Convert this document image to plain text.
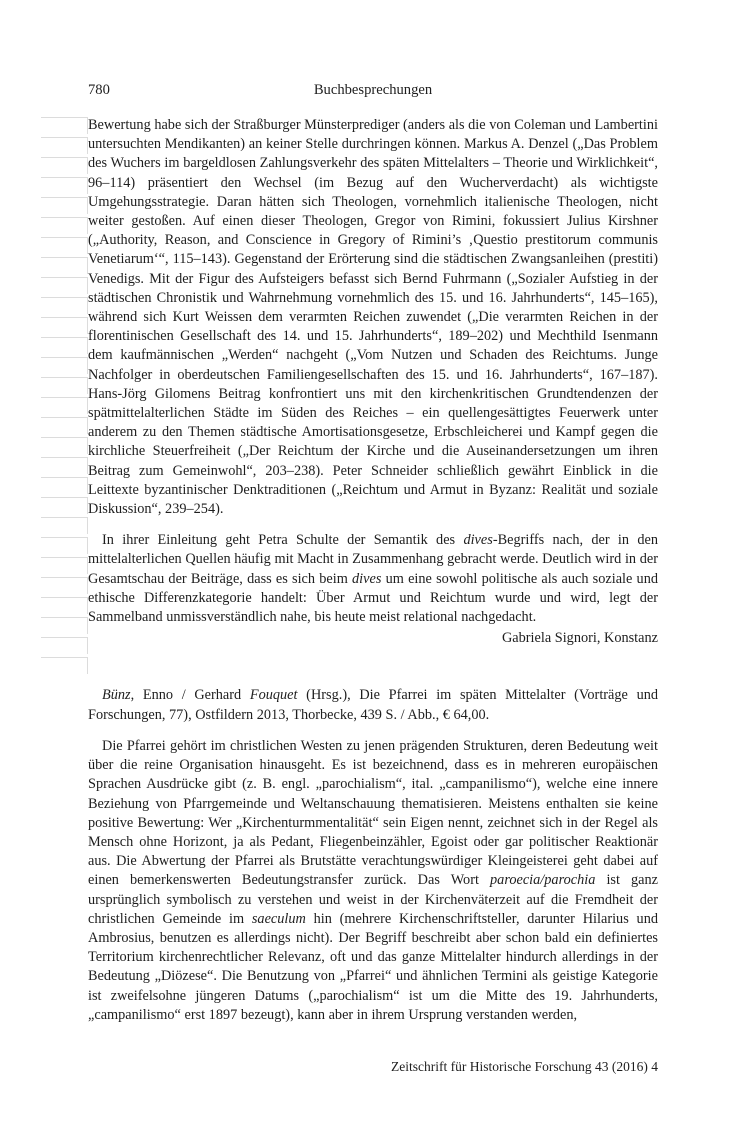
780	Buchbesprechungen

Bewertung habe sich der Straßburger Münsterprediger (anders als die von Coleman und Lambertini untersuchten Mendikanten) an keiner Stelle durchringen können. Markus A. Denzel („Das Problem des Wuchers im bargeldlosen Zahlungsverkehr des späten Mittelalters – Theorie und Wirklichkeit“, 96–114) präsentiert den Wechsel (im Bezug auf den Wucherverdacht) als wichtigste Umgehungsstrategie. Daran hätten sich Theologen, vornehmlich italienische Theologen, nicht weiter gestoßen. Auf einen dieser Theologen, Gregor von Rimini, fokussiert Julius Kirshner („Authority, Reason, and Conscience in Gregory of Rimini’s ‚Questio prestitorum communis Venetiarum‘“, 115–143). Gegenstand der Erörterung sind die städtischen Zwangsanleihen (prestiti) Venedigs. Mit der Figur des Aufsteigers befasst sich Bernd Fuhrmann („Sozialer Aufstieg in der städtischen Chronistik und Wahrnehmung vornehmlich des 15. und 16. Jahrhunderts“, 145–165), während sich Kurt Weissen dem verarmten Reichen zuwendet („Die verarmten Reichen in der florentinischen Gesellschaft des 14. und 15. Jahrhunderts“, 189–202) und Mechthild Isenmann dem kaufmännischen „Werden“ nachgeht („Vom Nutzen und Schaden des Reichtums. Junge Nachfolger in oberdeutschen Familiengesellschaften des 15. und 16. Jahrhunderts“, 167–187). Hans-Jörg Gilomens Beitrag konfrontiert uns mit den kirchenkritischen Grundtendenzen der spätmittelalterlichen Städte im Süden des Reiches – ein quellengesättigtes Feuerwerk unter anderem zu den Themen städtische Amortisationsgesetze, Erbschleicherei und Kampf gegen die kirchliche Steuerfreiheit („Der Reichtum der Kirche und die Auseinandersetzungen um ihren Beitrag zum Gemeinwohl“, 203–238). Peter Schneider schließlich gewährt Einblick in die Leittexte byzantinischer Denktraditionen („Reichtum und Armut in Byzanz: Realität und soziale Diskussion“, 239–254).

In ihrer Einleitung geht Petra Schulte der Semantik des dives-Begriffs nach, der in den mittelalterlichen Quellen häufig mit Macht in Zusammenhang gebracht werde. Deutlich wird in der Gesamtschau der Beiträge, dass es sich beim dives um eine sowohl politische als auch soziale und ethische Differenzkategorie handelt: Über Armut und Reichtum wurde und wird, legt der Sammelband unmissverständlich nahe, bis heute meist relational nachgedacht.

Gabriela Signori, Konstanz

Bünz, Enno / Gerhard Fouquet (Hrsg.), Die Pfarrei im späten Mittelalter (Vorträge und Forschungen, 77), Ostfildern 2013, Thorbecke, 439 S. / Abb., € 64,00.

Die Pfarrei gehört im christlichen Westen zu jenen prägenden Strukturen, deren Bedeutung weit über die reine Organisation hinausgeht. Es ist bezeichnend, dass es in mehreren europäischen Sprachen Ausdrücke gibt (z. B. engl. „parochialism“, ital. „campanilismo“), welche eine innere Beziehung von Pfarrgemeinde und Weltanschauung thematisieren. Meistens enthalten sie keine positive Bewertung: Wer „Kirchenturmmentalität“ sein Eigen nennt, zeichnet sich in der Regel als Mensch ohne Horizont, ja als Pedant, Fliegenbeinzähler, Egoist oder gar politischer Reaktionär aus. Die Abwertung der Pfarrei als Brutstätte verachtungswürdiger Kleingeisterei geht dabei auf einen bemerkenswerten Bedeutungstransfer zurück. Das Wort paroecia/parochia ist ganz ursprünglich symbolisch zu verstehen und weist in der Kirchenväterzeit auf die Fremdheit der christlichen Gemeinde im saeculum hin (mehrere Kirchenschriftsteller, darunter Hilarius und Ambrosius, benutzen es allerdings nicht). Der Begriff beschreibt aber schon bald ein definiertes Territorium kirchenrechtlicher Relevanz, oft und das ganze Mittelalter hindurch allerdings in der Bedeutung „Diözese“. Die Benutzung von „Pfarrei“ und ähnlichen Termini als geistige Kategorie ist zweifelsohne jüngeren Datums („parochialism“ ist um die Mitte des 19. Jahrhunderts, „campanilismo“ erst 1897 bezeugt), kann aber in ihrem Ursprung verstanden werden,

Zeitschrift für Historische Forschung 43 (2016) 4
